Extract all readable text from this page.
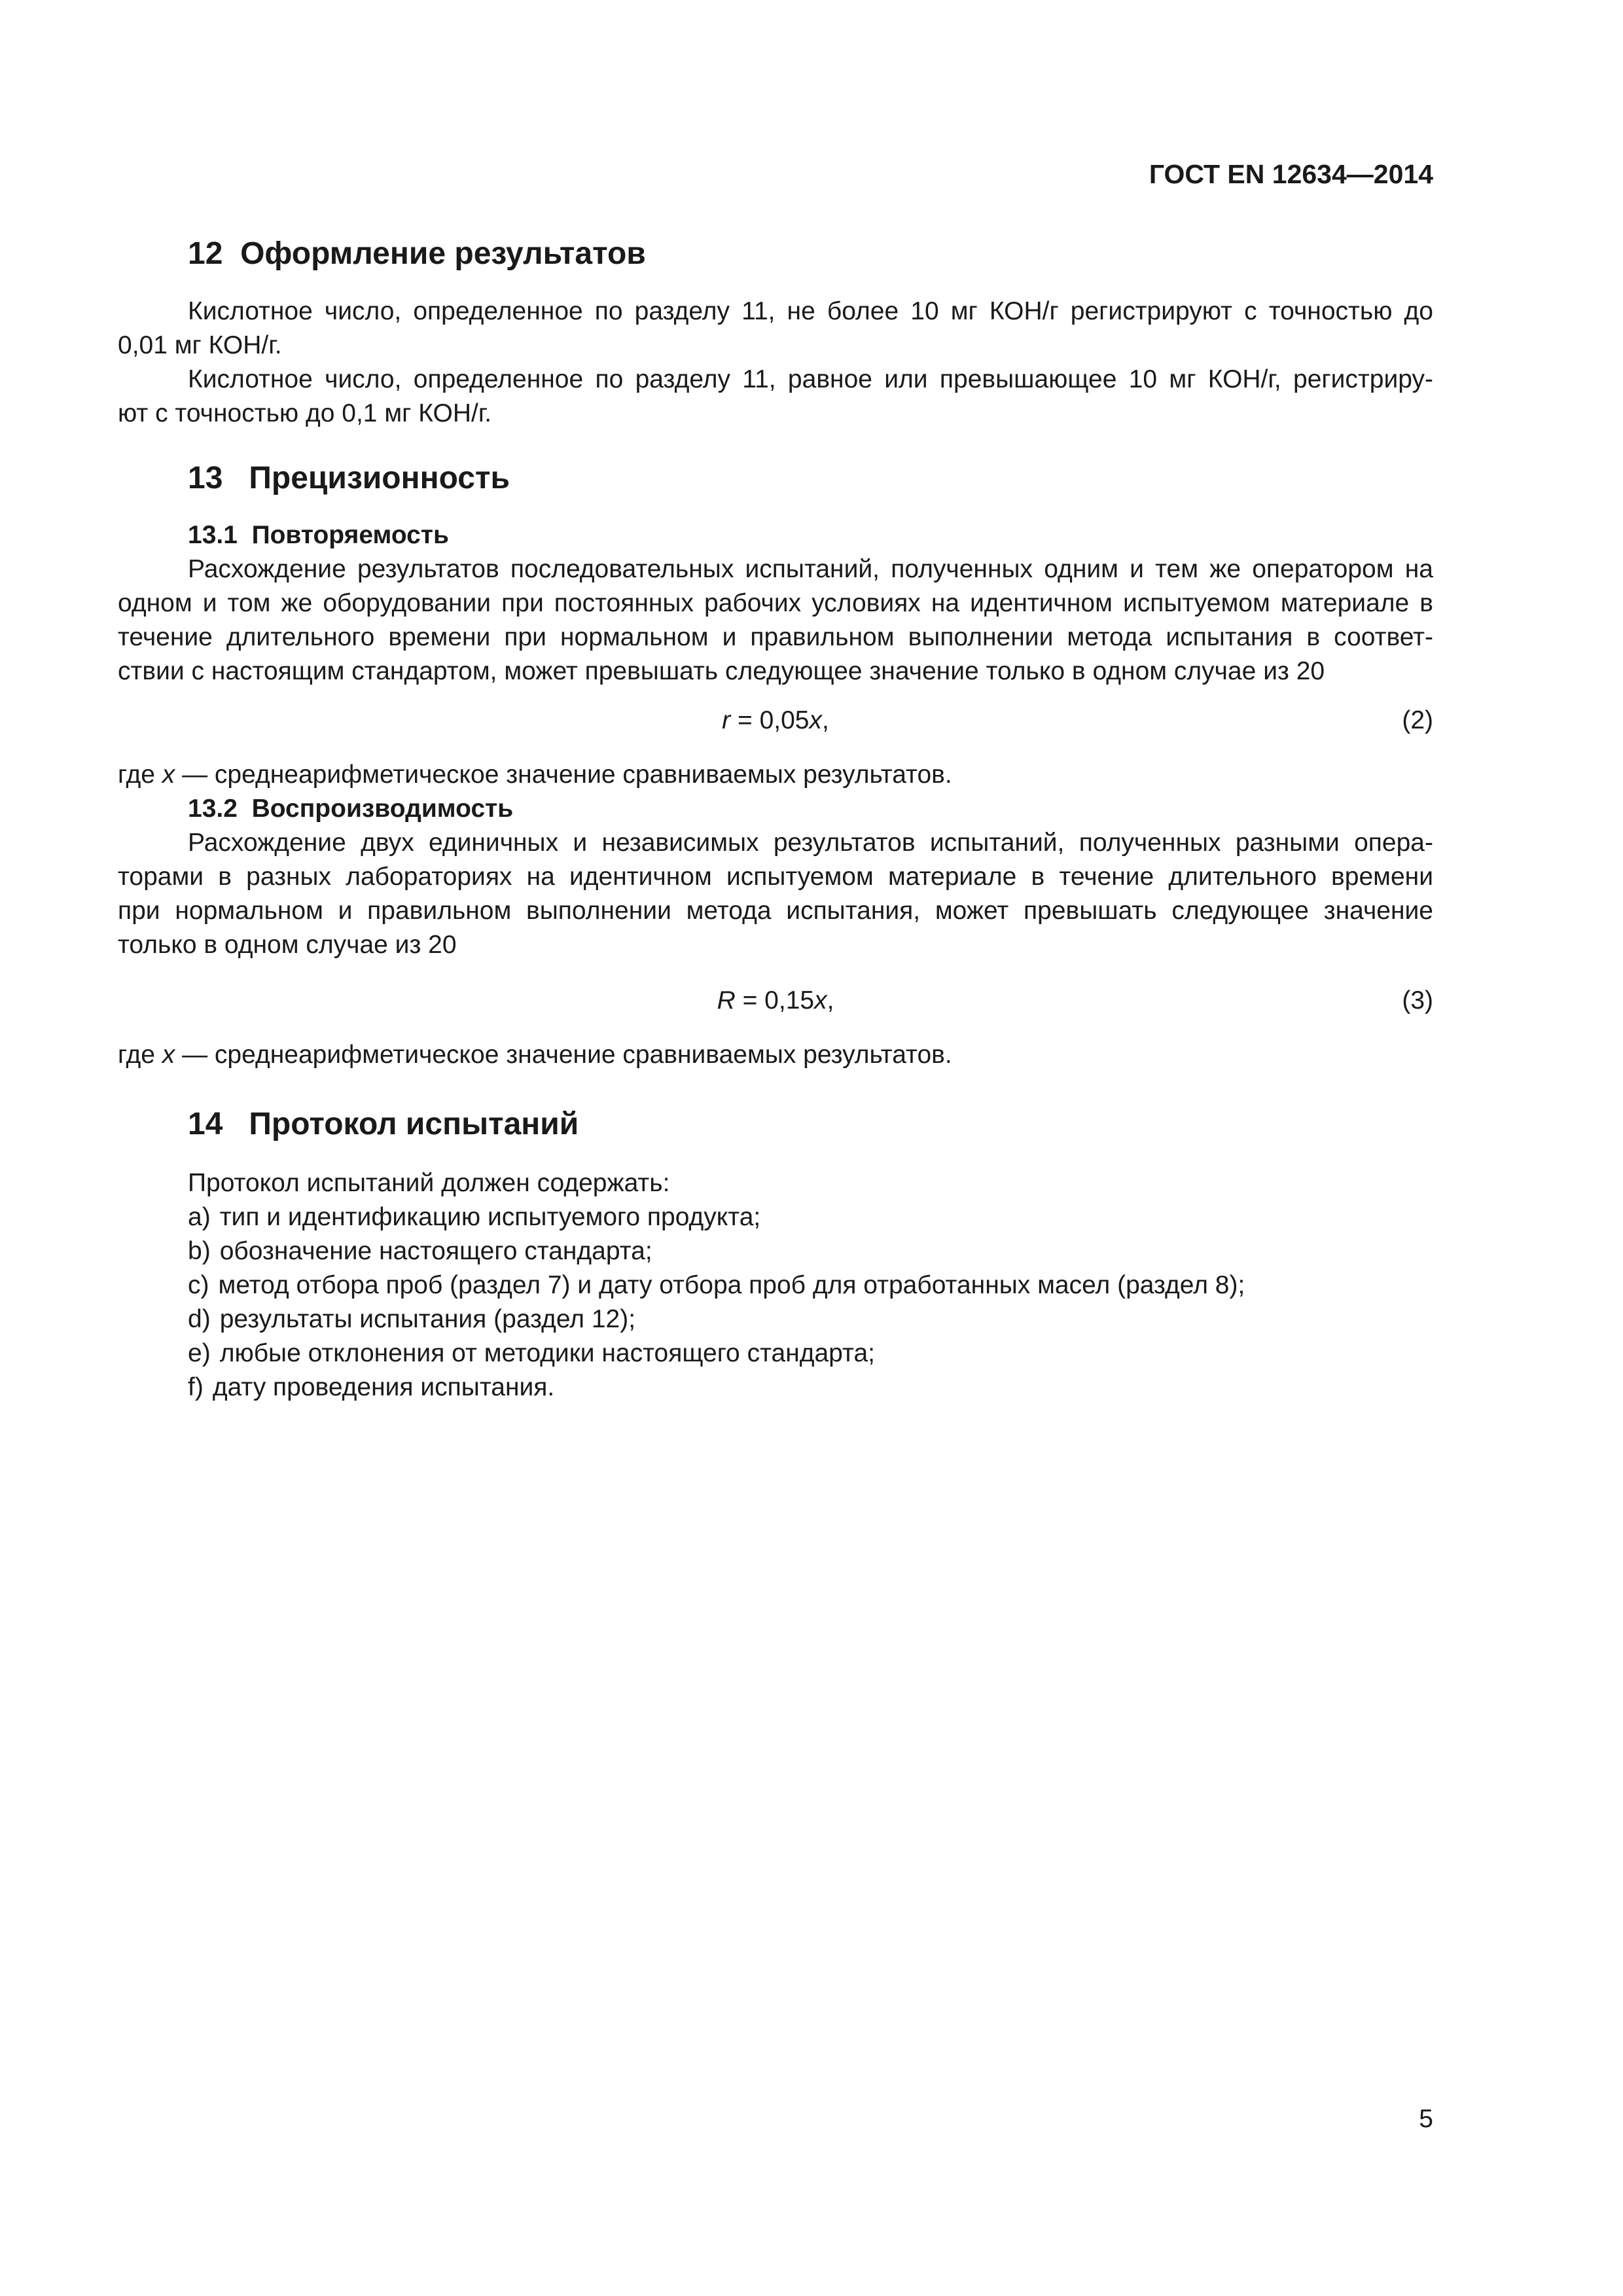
ГОСТ EN 12634—2014
12 Оформление результатов
Кислотное число, определенное по разделу 11, не более 10 мг КОН/г регистрируют с точностью до
0,01 мг КОН/г.
Кислотное число, определенное по разделу 11, равное или превышающее 10 мг КОН/г, регистриру-
ют с точностью до 0,1 мг КОН/г.
13 Прецизионность
13.1 Повторяемость
Расхождение результатов последовательных испытаний, полученных одним и тем же оператором на
одном и том же оборудовании при постоянных рабочих условиях на идентичном испытуемом материале в
течение длительного времени при нормальном и правильном выполнении метода испытания в соответ-
ствии с настоящим стандартом, может превышать следующее значение только в одном случае из 20
r = 0,05x,	(2)
где x — среднеарифметическое значение сравниваемых результатов.
13.2 Воспроизводимость
Расхождение двух единичных и независимых результатов испытаний, полученных разными опера-
торами в разных лабораториях на идентичном испытуемом материале в течение длительного времени
при нормальном и правильном выполнении метода испытания, может превышать следующее значение
только в одном случае из 20
R = 0,15x,	(3)
где x — среднеарифметическое значение сравниваемых результатов.
14 Протокол испытаний
Протокол испытаний должен содержать:
a) тип и идентификацию испытуемого продукта;
b) обозначение настоящего стандарта;
c) метод отбора проб (раздел 7) и дату отбора проб для отработанных масел (раздел 8);
d) результаты испытания (раздел 12);
e) любые отклонения от методики настоящего стандарта;
f) дату проведения испытания.
5
